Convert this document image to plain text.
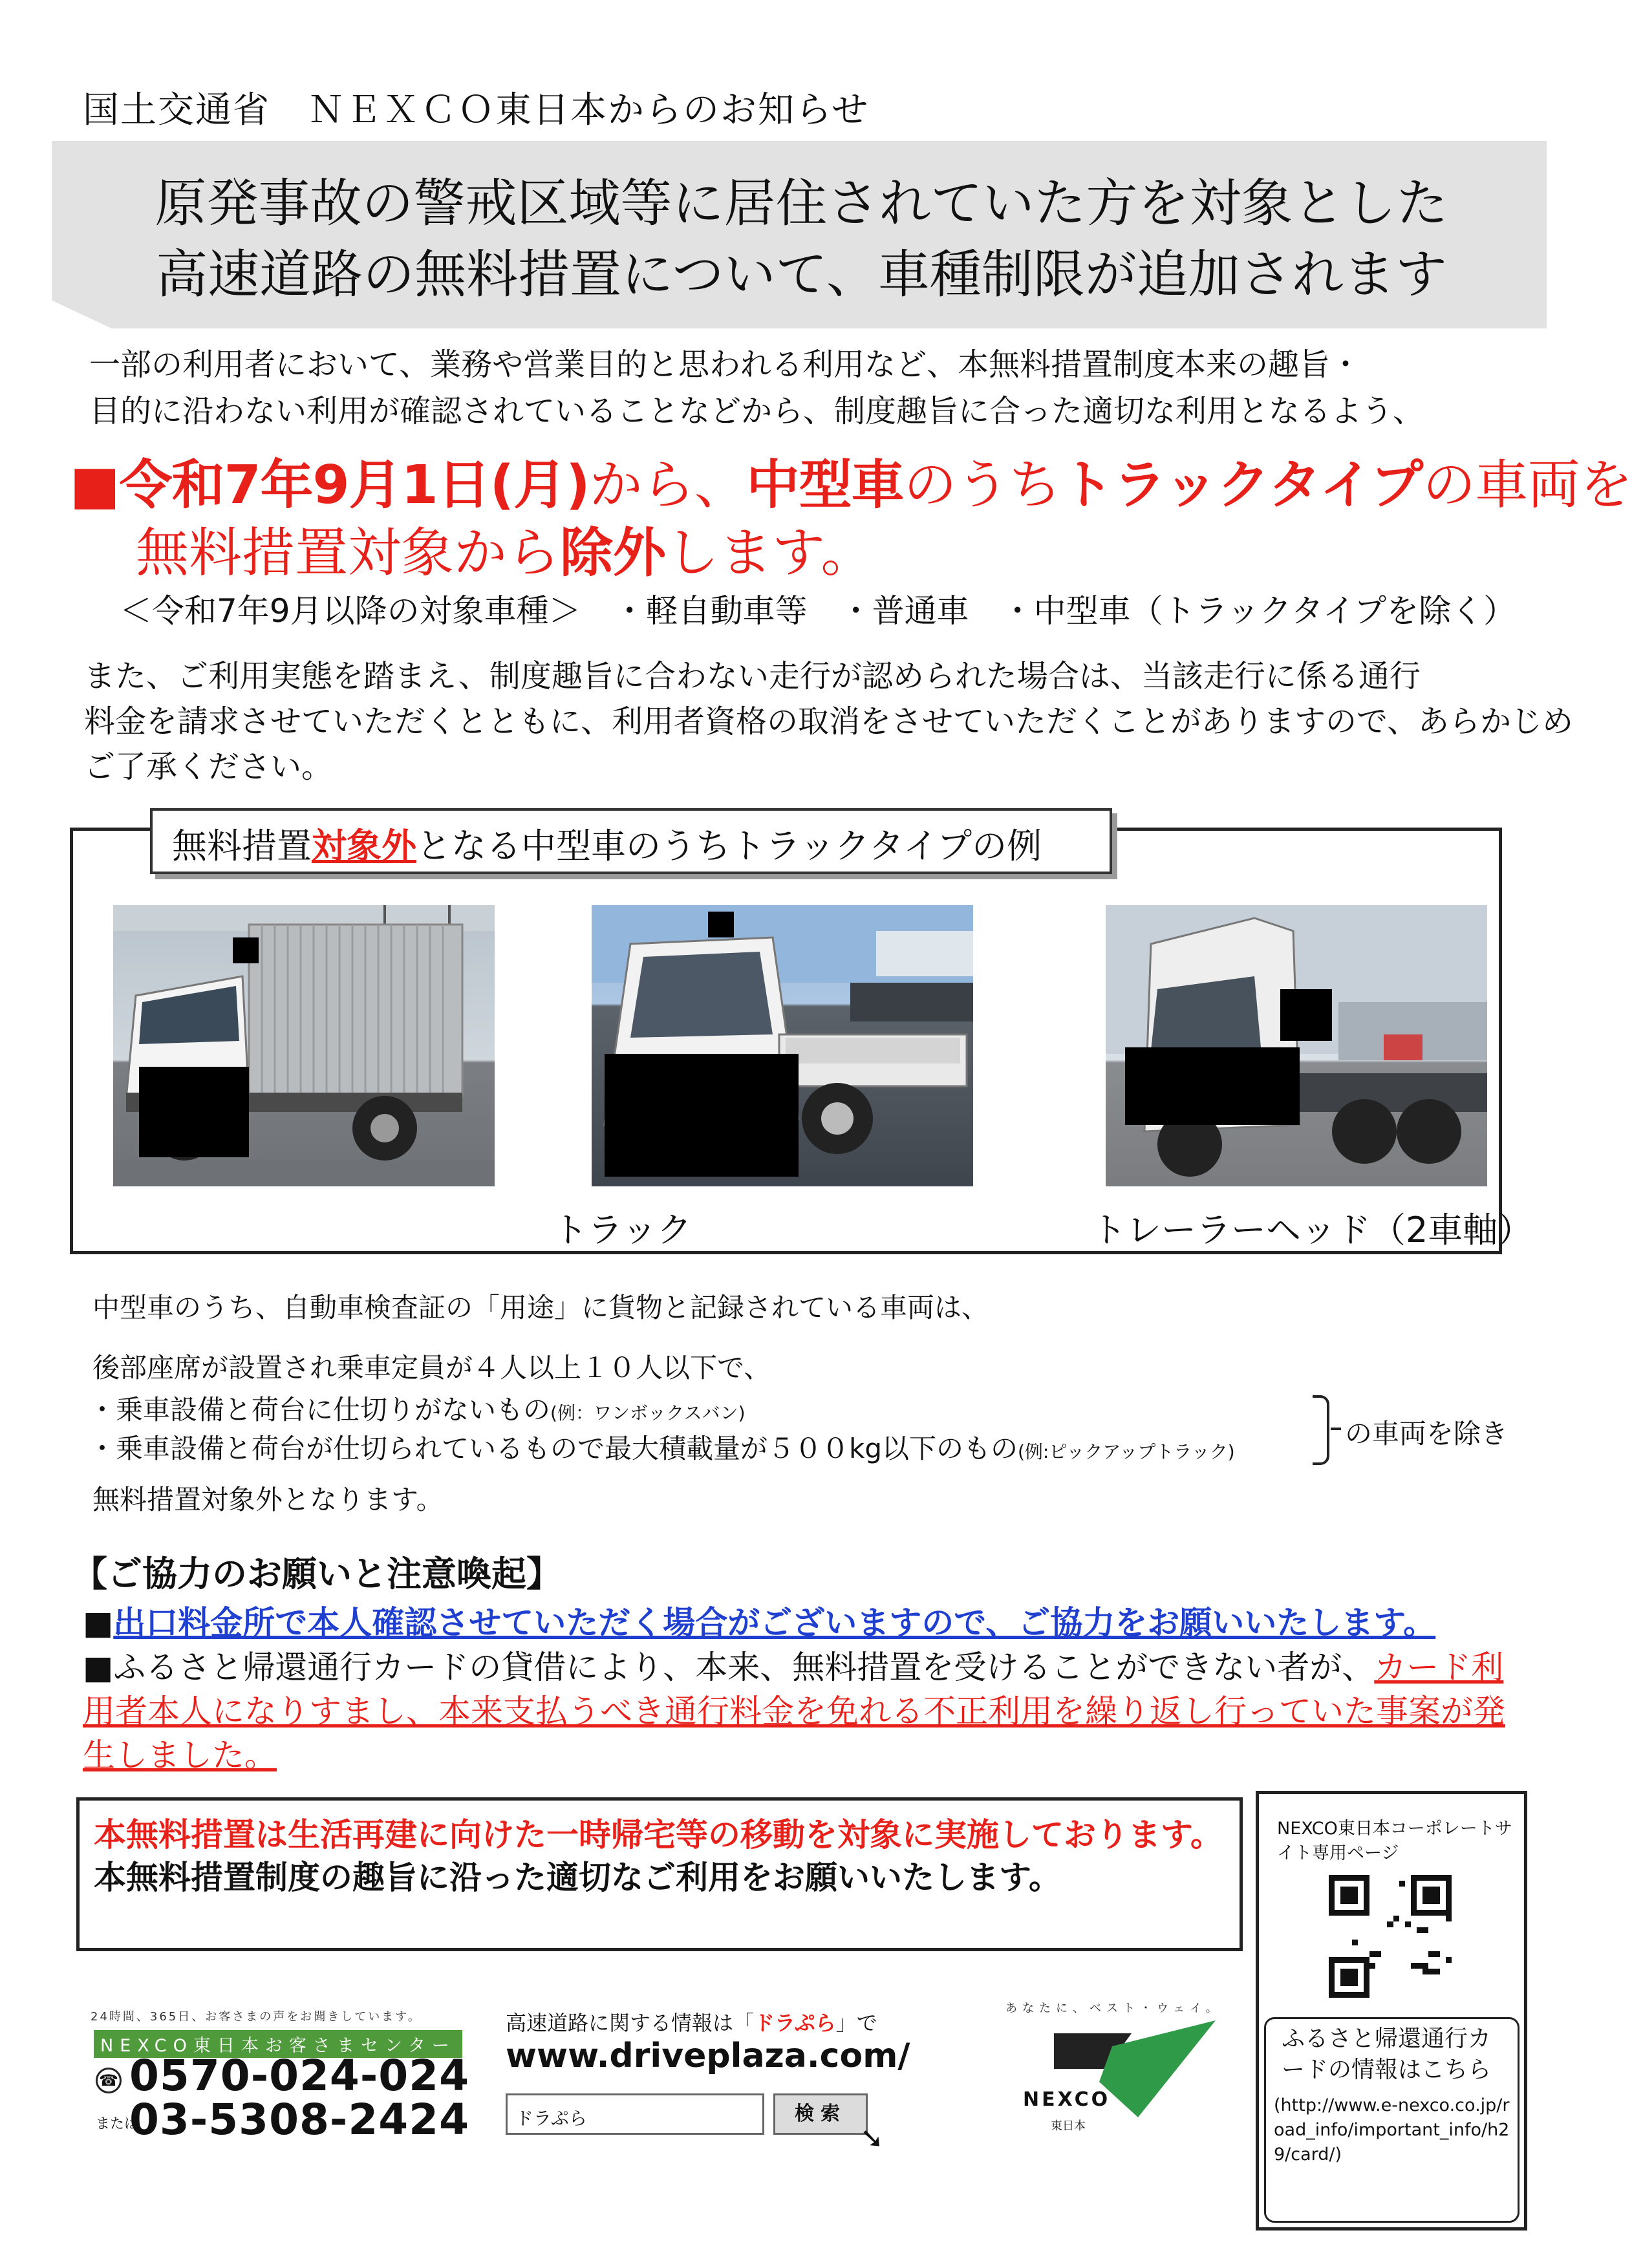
国土交通省　ＮＥＸＣＯ東日本からのお知らせ
原発事故の警戒区域等に居住されていた方を対象とした
高速道路の無料措置について、車種制限が追加されます
一部の利用者において、業務や営業目的と思われる利用など、本無料措置制度本来の趣旨・
目的に沿わない利用が確認されていることなどから、制度趣旨に合った適切な利用となるよう、
■令和7年9月1日(月)から、中型車のうちトラックタイプの車両を
無料措置対象から除外します。
＜令和7年9月以降の対象車種＞　・軽自動車等　・普通車　・中型車（トラックタイプを除く）
また、ご利用実態を踏まえ、制度趣旨に合わない走行が認められた場合は、当該走行に係る通行
料金を請求させていただくとともに、利用者資格の取消をさせていただくことがありますので、あらかじめ
ご了承ください。
無料措置対象外となる中型車のうちトラックタイプの例
トラック	トレーラーヘッド（2車軸）
中型車のうち、自動車検査証の「用途」に貨物と記録されている車両は、
後部座席が設置され乗車定員が４人以上１０人以下で、
・乗車設備と荷台に仕切りがないもの(例：ワンボックスバン)
・乗車設備と荷台が仕切られているもので最大積載量が５００kg以下のもの(例:ピックアップトラック)
の車両を除き
無料措置対象外となります。
【ご協力のお願いと注意喚起】
■出口料金所で本人確認させていただく場合がございますので、ご協力をお願いいたします。
■ふるさと帰還通行カードの貸借により、本来、無料措置を受けることができない者が、カード利用者本人になりすまし、本来支払うべき通行料金を免れる不正利用を繰り返し行っていた事案が発生しました。
本無料措置は生活再建に向けた一時帰宅等の移動を対象に実施しております。
本無料措置制度の趣旨に沿った適切なご利用をお願いいたします。
NEXCO東日本コーポレートサイト専用ページ
ふるさと帰還通行カードの情報はこちら
(http://www.e-nexco.co.jp/road_info/important_info/h29/card/)
24時間、365日、お客さまの声をお聞きしています。
NEXCO東日本お客さまセンター
☎ 0570-024-024
または
03-5308-2424
高速道路に関する情報は「ドラぷら」で
www.driveplaza.com/
ドラぷら	検索
➘
あなたに、ベスト・ウェイ。
NEXCO
東日本
